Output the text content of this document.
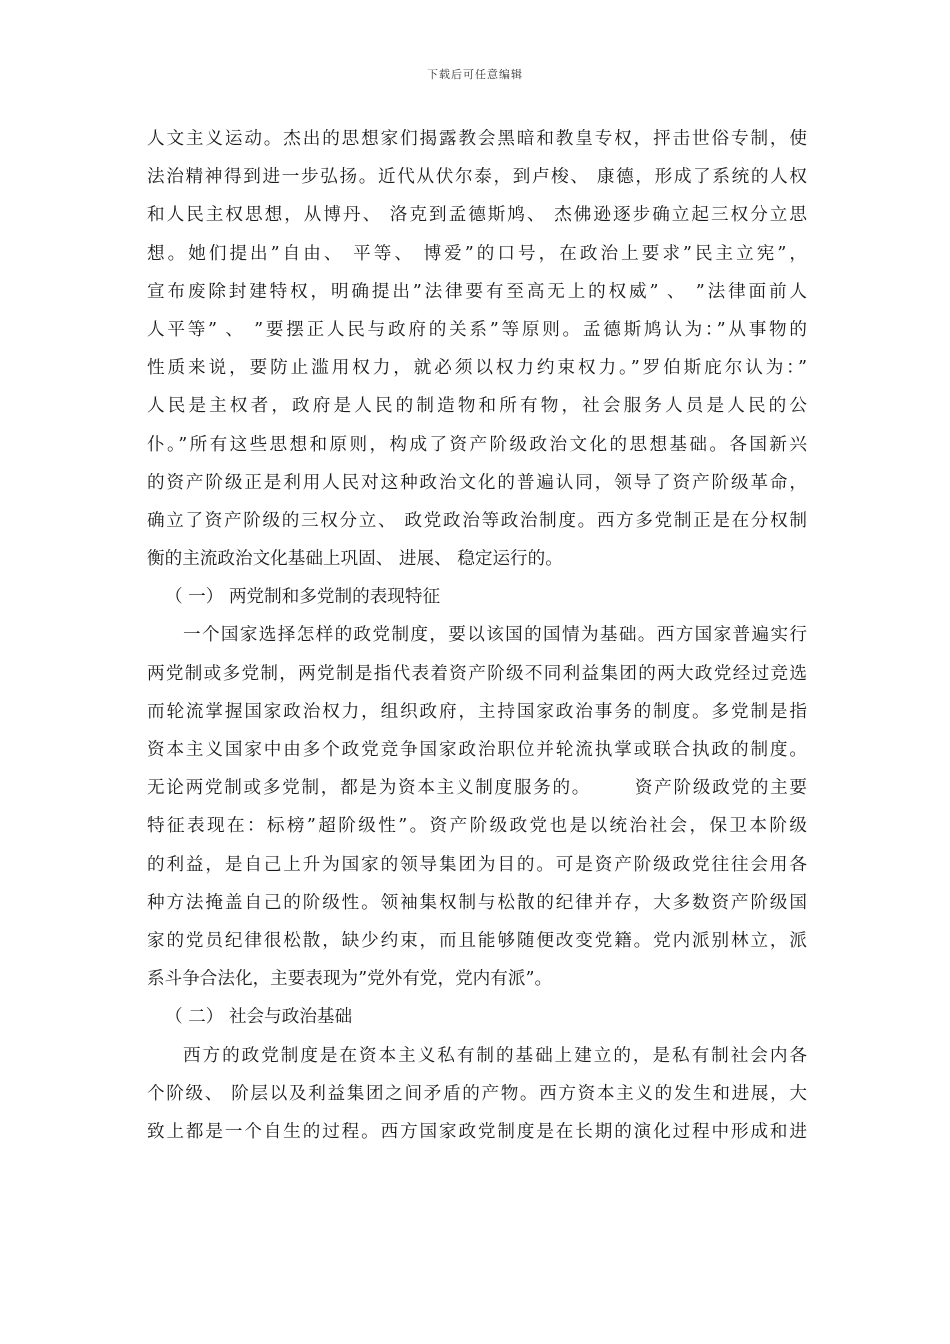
下载后可任意编辑
人文主义运动。杰出的思想家们揭露教会黑暗和教皇专权，抨击世俗专制，使
法治精神得到进一步弘扬。近代从伏尔泰，到卢梭、 康德，形成了系统的人权
和人民主权思想，从博丹、 洛克到孟德斯鸠、 杰佛逊逐步确立起三权分立思
想。她们提出”自由、 平等、 博爱”的口号，在政治上要求”民主立宪”，
宣布废除封建特权，明确提出”法律要有至高无上的权威” 、 ”法律面前人
人平等” 、 ”要摆正人民与政府的关系”等原则。孟德斯鸠认为：”从事物的
性质来说，要防止滥用权力，就必须以权力约束权力。”罗伯斯庇尔认为：”
人民是主权者，政府是人民的制造物和所有物，社会服务人员是人民的公
仆。”所有这些思想和原则，构成了资产阶级政治文化的思想基础。各国新兴
的资产阶级正是利用人民对这种政治文化的普遍认同，领导了资产阶级革命，
确立了资产阶级的三权分立、 政党政治等政治制度。西方多党制正是在分权制
衡的主流政治文化基础上巩固、 进展、 稳定运行的。
（ 一） 两党制和多党制的表现特征
一个国家选择怎样的政党制度，要以该国的国情为基础。西方国家普遍实行
两党制或多党制，两党制是指代表着资产阶级不同利益集团的两大政党经过竞选
而轮流掌握国家政治权力，组织政府，主持国家政治事务的制度。多党制是指
资本主义国家中由多个政党竞争国家政治职位并轮流执掌或联合执政的制度。
无论两党制或多党制，都是为资本主义制度服务的。      资产阶级政党的主要
特征表现在：标榜”超阶级性”。资产阶级政党也是以统治社会，保卫本阶级
的利益，是自己上升为国家的领导集团为目的。可是资产阶级政党往往会用各
种方法掩盖自己的阶级性。领袖集权制与松散的纪律并存，大多数资产阶级国
家的党员纪律很松散，缺少约束，而且能够随便改变党籍。党内派别林立，派
系斗争合法化，主要表现为”党外有党，党内有派”。
（ 二） 社会与政治基础
西方的政党制度是在资本主义私有制的基础上建立的，是私有制社会内各
个阶级、 阶层以及利益集团之间矛盾的产物。西方资本主义的发生和进展，大
致上都是一个自生的过程。西方国家政党制度是在长期的演化过程中形成和进
